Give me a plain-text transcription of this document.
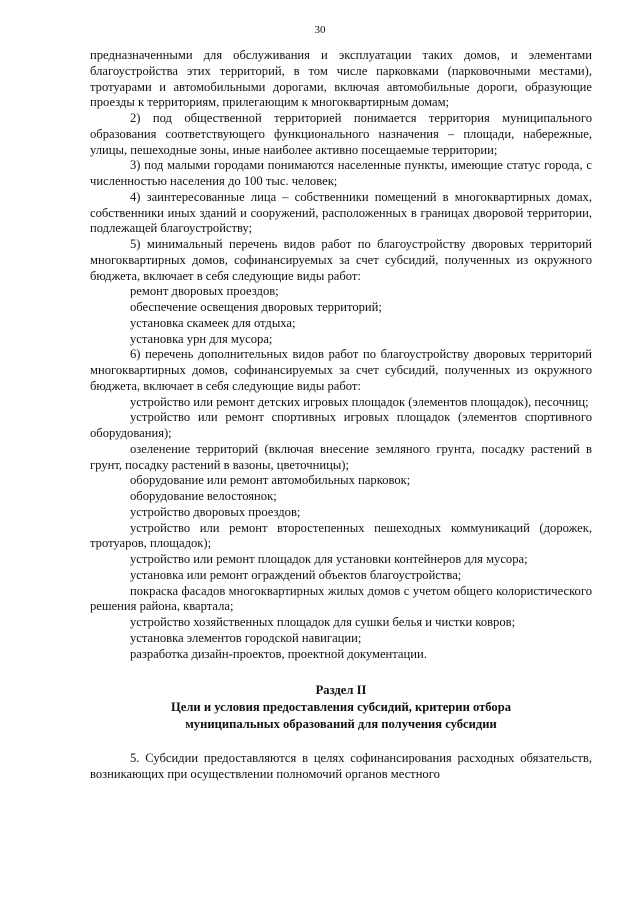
30

предназначенными для обслуживания и эксплуатации таких домов, и элементами благоустройства этих территорий, в том числе парковками (парковочными местами), тротуарами и автомобильными дорогами, включая автомобильные дороги, образующие проезды к территориям, прилегающим к многоквартирным домам;

2) под общественной территорией понимается территория муниципального образования соответствующего функционального назначения – площади, набережные, улицы, пешеходные зоны, иные наиболее активно посещаемые территории;

3) под малыми городами понимаются населенные пункты, имеющие статус города, с численностью населения до 100 тыс. человек;

4) заинтересованные лица – собственники помещений в многоквартирных домах, собственники иных зданий и сооружений, расположенных в границах дворовой территории, подлежащей благоустройству;

5) минимальный перечень видов работ по благоустройству дворовых территорий многоквартирных домов, софинансируемых за счет субсидий, полученных из окружного бюджета, включает в себя следующие виды работ:

ремонт дворовых проездов;

обеспечение освещения дворовых территорий;

установка скамеек для отдыха;

установка урн для мусора;

6) перечень дополнительных видов работ по благоустройству дворовых территорий многоквартирных домов, софинансируемых за счет субсидий, полученных из окружного бюджета, включает в себя следующие виды работ:

устройство или ремонт детских игровых площадок (элементов площадок), песочниц;

устройство или ремонт спортивных игровых площадок (элементов спортивного оборудования);

озеленение территорий (включая внесение земляного грунта, посадку растений в грунт, посадку растений в вазоны, цветочницы);

оборудование или ремонт автомобильных парковок;

оборудование велостоянок;

устройство дворовых проездов;

устройство или ремонт второстепенных пешеходных коммуникаций (дорожек, тротуаров, площадок);

устройство или ремонт площадок для установки контейнеров для мусора;

установка или ремонт ограждений объектов благоустройства;

покраска фасадов многоквартирных жилых домов с учетом общего колористического решения района, квартала;

устройство хозяйственных площадок для сушки белья и чистки ковров;

установка элементов городской навигации;

разработка дизайн-проектов, проектной документации.

Раздел II
Цели и условия предоставления субсидий, критерии отбора муниципальных образований для получения субсидии

5. Субсидии предоставляются в целях софинансирования расходных обязательств, возникающих при осуществлении полномочий органов местного
